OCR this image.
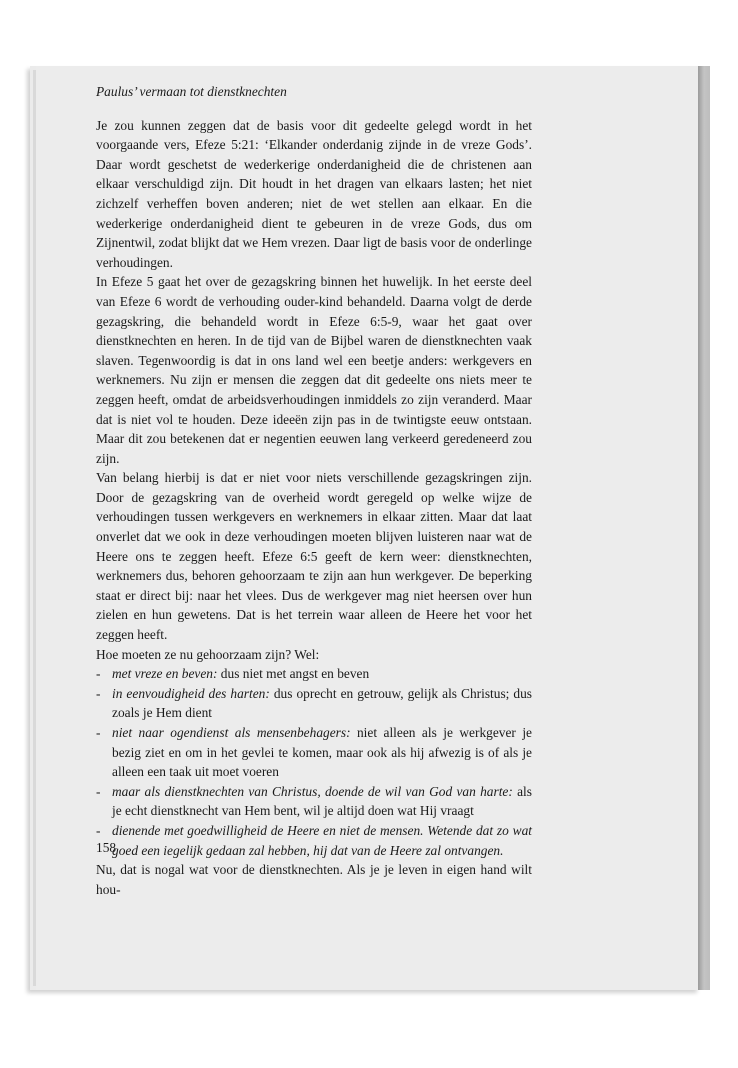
Paulus’ vermaan tot dienstknechten

Je zou kunnen zeggen dat de basis voor dit gedeelte gelegd wordt in het voorgaande vers, Efeze 5:21: ‘Elkander onderdanig zijnde in de vreze Gods’. Daar wordt geschetst de wederkerige onderdanigheid die de christenen aan elkaar verschuldigd zijn. Dit houdt in het dragen van elkaars lasten; het niet zichzelf verheffen boven anderen; niet de wet stellen aan elkaar. En die wederkerige onderdanigheid dient te gebeuren in de vreze Gods, dus om Zijnentwil, zodat blijkt dat we Hem vrezen. Daar ligt de basis voor de onderlinge verhoudingen.

In Efeze 5 gaat het over de gezagskring binnen het huwelijk. In het eerste deel van Efeze 6 wordt de verhouding ouder-kind behandeld. Daarna volgt de derde gezagskring, die behandeld wordt in Efeze 6:5-9, waar het gaat over dienstknechten en heren. In de tijd van de Bijbel waren de dienstknechten vaak slaven. Tegenwoordig is dat in ons land wel een beetje anders: werkgevers en werknemers. Nu zijn er mensen die zeggen dat dit gedeelte ons niets meer te zeggen heeft, omdat de arbeidsverhoudingen inmiddels zo zijn veranderd. Maar dat is niet vol te houden. Deze ideeën zijn pas in de twintigste eeuw ontstaan. Maar dit zou betekenen dat er negentien eeuwen lang verkeerd geredeneerd zou zijn.

Van belang hierbij is dat er niet voor niets verschillende gezagskringen zijn. Door de gezagskring van de overheid wordt geregeld op welke wijze de verhoudingen tussen werkgevers en werknemers in elkaar zitten. Maar dat laat onverlet dat we ook in deze verhoudingen moeten blijven luisteren naar wat de Heere ons te zeggen heeft. Efeze 6:5 geeft de kern weer: dienstknechten, werknemers dus, behoren gehoorzaam te zijn aan hun werkgever. De beperking staat er direct bij: naar het vlees. Dus de werkgever mag niet heersen over hun zielen en hun gewetens. Dat is het terrein waar alleen de Heere het voor het zeggen heeft.

Hoe moeten ze nu gehoorzaam zijn? Wel:

- met vreze en beven: dus niet met angst en beven
- in eenvoudigheid des harten: dus oprecht en getrouw, gelijk als Christus; dus zoals je Hem dient
- niet naar ogendienst als mensenbehagers: niet alleen als je werkgever je bezig ziet en om in het gevlei te komen, maar ook als hij afwezig is of als je alleen een taak uit moet voeren
- maar als dienstknechten van Christus, doende de wil van God van harte: als je echt dienstknecht van Hem bent, wil je altijd doen wat Hij vraagt
- dienende met goedwilligheid de Heere en niet de mensen. Wetende dat zo wat goed een iegelijk gedaan zal hebben, hij dat van de Heere zal ontvangen.

Nu, dat is nogal wat voor de dienstknechten. Als je je leven in eigen hand wilt hou-

158
